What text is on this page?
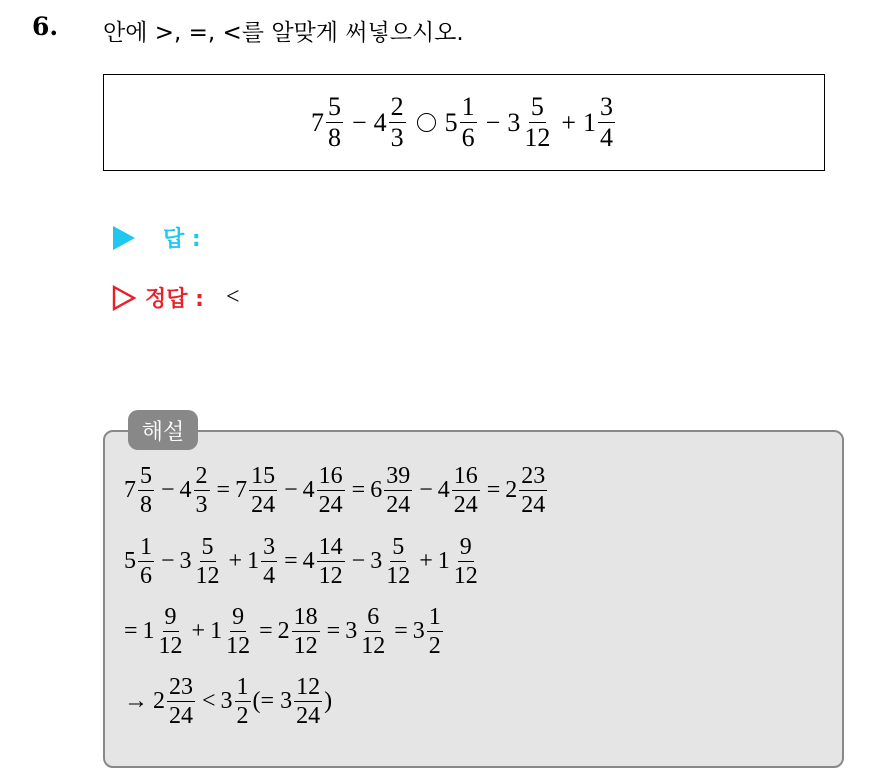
6. 안에 >, =, <를 알맞게 써넣으시오.
$7 \frac{5}{8} - 4 \frac{2}{3} 5 \frac{1}{6} - 3 \frac{5}{12} + 1 \frac{3}{4}$
답 :
정답 : <
해설
$7 \frac{5}{8} - 4 \frac{2}{3} = 7 \frac{15}{24} - 4 \frac{16}{24} = 6 \frac{39}{24} - 4 \frac{16}{24} = 2 \frac{23}{24}$
$5 \frac{1}{6} - 3 \frac{5}{12} + 1 \frac{3}{4} = 4 \frac{14}{12} - 3 \frac{5}{12} + 1 \frac{9}{12}$
= $1 \frac{9}{12} + 1 \frac{9}{12} = 2 \frac{18}{12} = 3 \frac{6}{12} = 3 \frac{1}{2}$
→ $2 \frac{23}{24} < 3 \frac{1}{2}$ (= $3 \frac{12}{24}$ )
